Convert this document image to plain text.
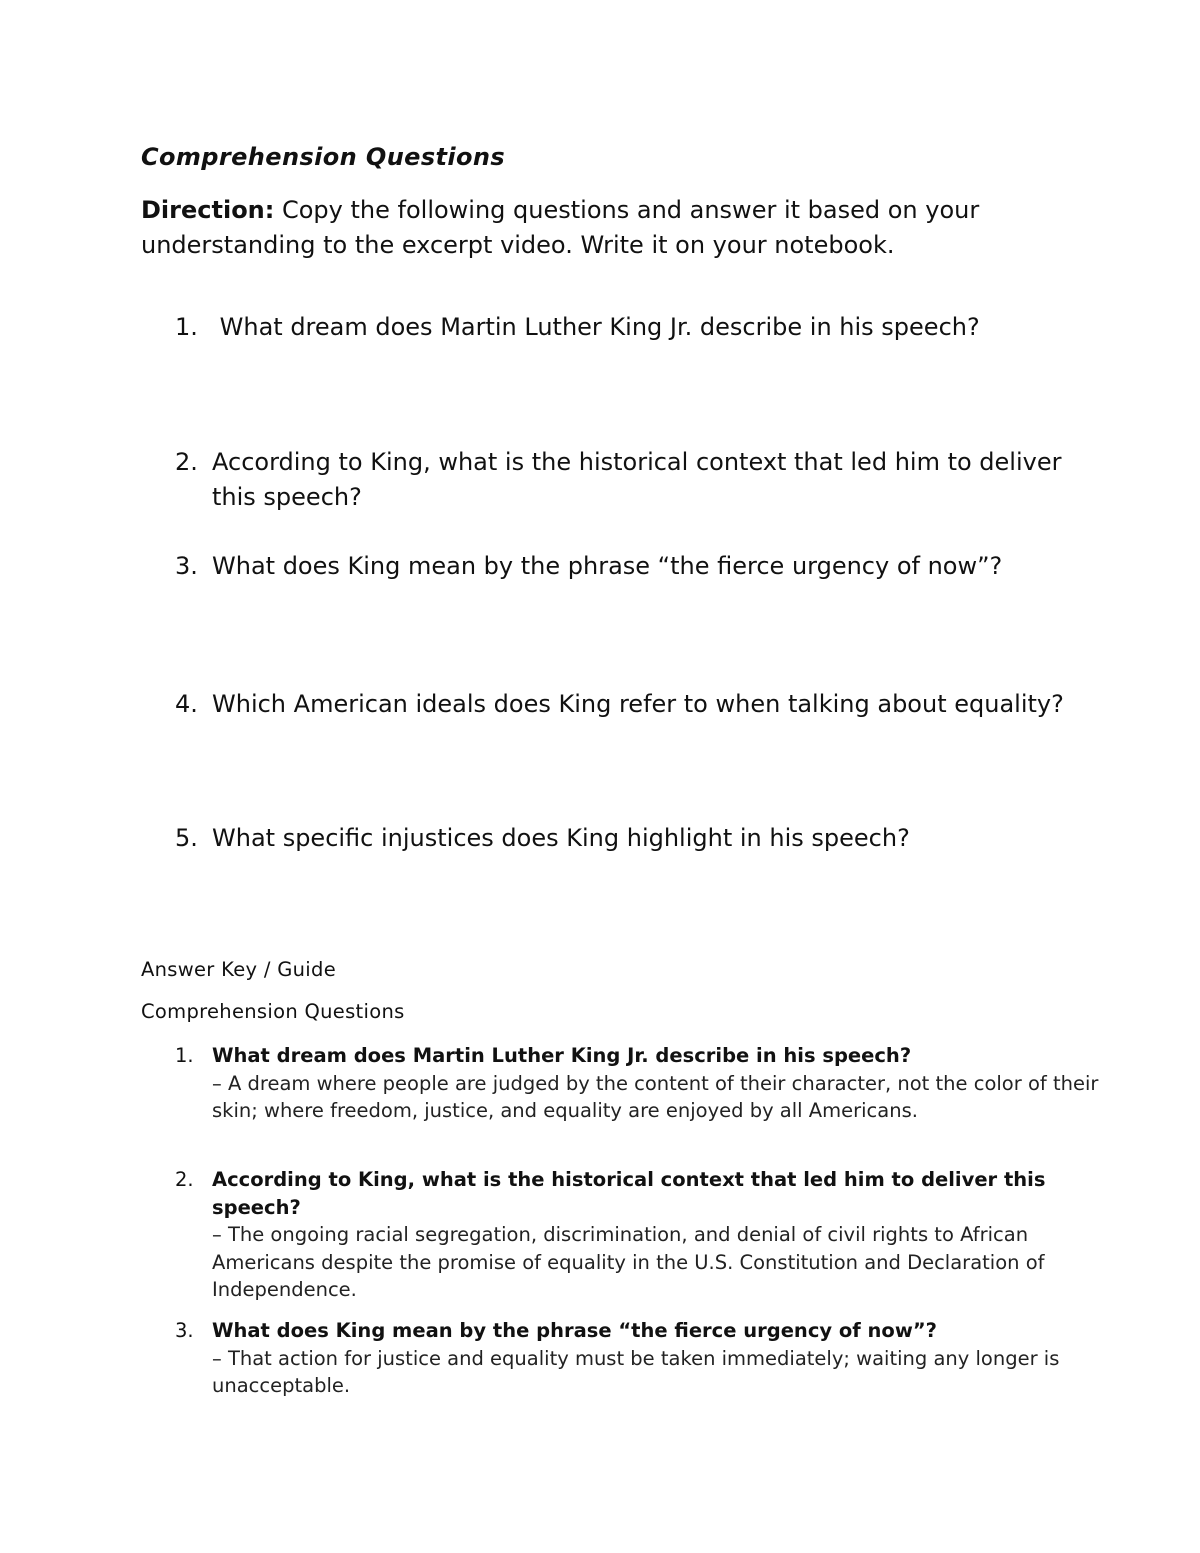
Comprehension Questions
Direction: Copy the following questions and answer it based on your understanding to the excerpt video. Write it on your notebook.
1. What dream does Martin Luther King Jr. describe in his speech?
2. According to King, what is the historical context that led him to deliver this speech?
3. What does King mean by the phrase “the fierce urgency of now”?
4. Which American ideals does King refer to when talking about equality?
5. What specific injustices does King highlight in his speech?
Answer Key / Guide
Comprehension Questions
1. What dream does Martin Luther King Jr. describe in his speech?
– A dream where people are judged by the content of their character, not the color of their skin; where freedom, justice, and equality are enjoyed by all Americans.
2. According to King, what is the historical context that led him to deliver this speech?
– The ongoing racial segregation, discrimination, and denial of civil rights to African Americans despite the promise of equality in the U.S. Constitution and Declaration of Independence.
3. What does King mean by the phrase “the fierce urgency of now”?
– That action for justice and equality must be taken immediately; waiting any longer is unacceptable.
